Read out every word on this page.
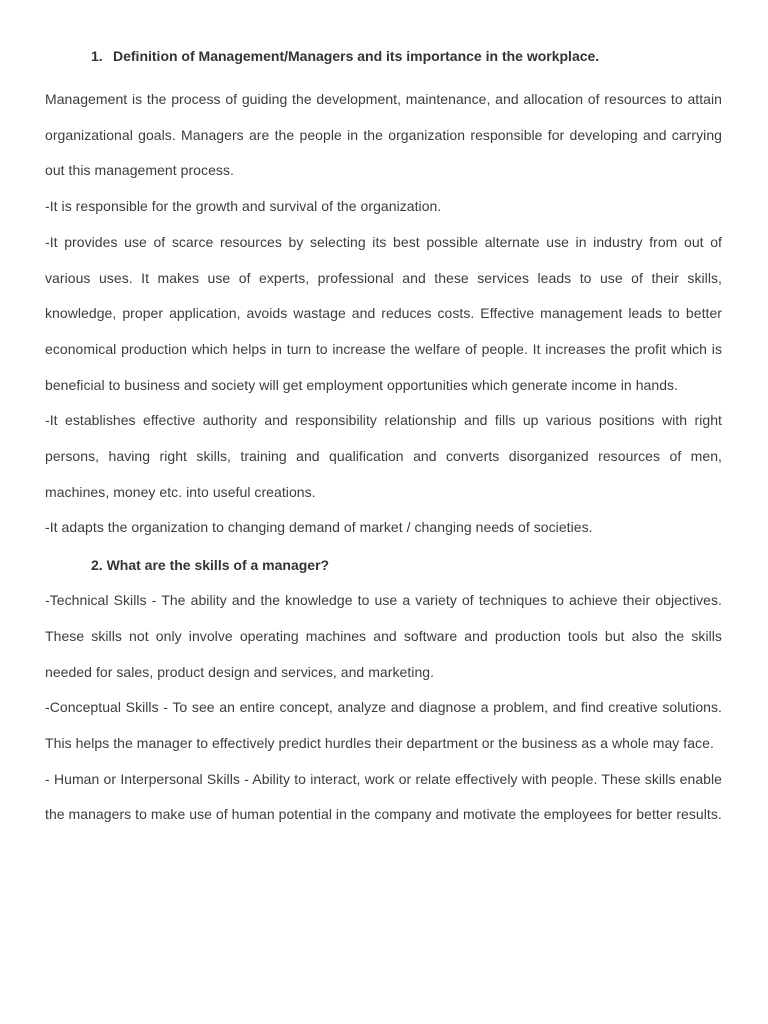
1. Definition of Management/Managers and its importance in the workplace.

Management is the process of guiding the development, maintenance, and allocation of resources to attain organizational goals. Managers are the people in the organization responsible for developing and carrying out this management process.

-It is responsible for the growth and survival of the organization.

-It provides use of scarce resources by selecting its best possible alternate use in industry from out of various uses. It makes use of experts, professional and these services leads to use of their skills, knowledge, proper application, avoids wastage and reduces costs. Effective management leads to better economical production which helps in turn to increase the welfare of people. It increases the profit which is beneficial to business and society will get employment opportunities which generate income in hands.

-It establishes effective authority and responsibility relationship and fills up various positions with right persons, having right skills, training and qualification and converts disorganized resources of men, machines, money etc. into useful creations.

-It adapts the organization to changing demand of market / changing needs of societies.

2. What are the skills of a manager?

-Technical Skills - The ability and the knowledge to use a variety of techniques to achieve their objectives. These skills not only involve operating machines and software and production tools but also the skills needed for sales, product design and services, and marketing.

-Conceptual Skills - To see an entire concept, analyze and diagnose a problem, and find creative solutions. This helps the manager to effectively predict hurdles their department or the business as a whole may face.

- Human or Interpersonal Skills - Ability to interact, work or relate effectively with people. These skills enable the managers to make use of human potential in the company and motivate the employees for better results.
